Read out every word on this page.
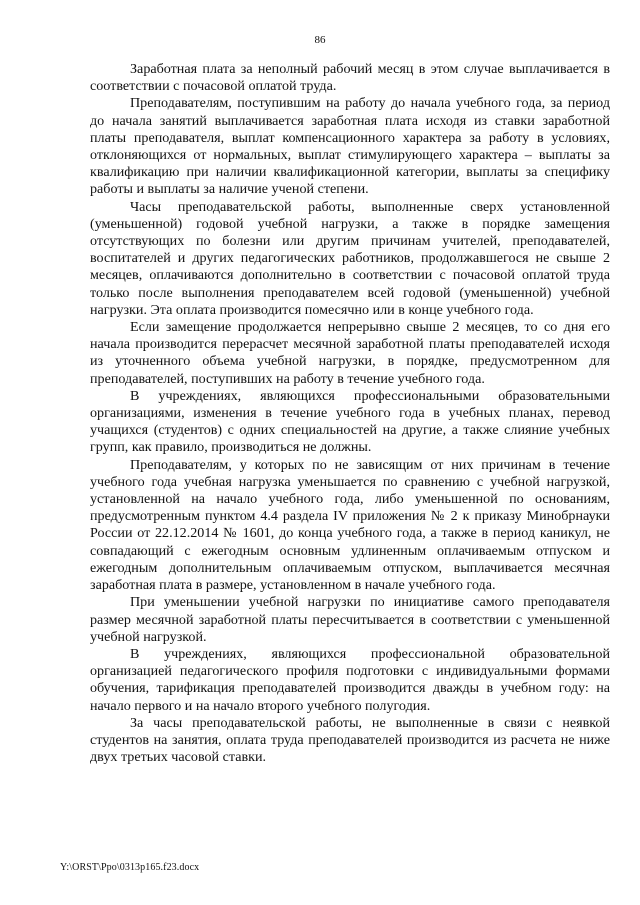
86

Заработная плата за неполный рабочий месяц в этом случае выплачивается в соответствии с почасовой оплатой труда.

Преподавателям, поступившим на работу до начала учебного года, за период до начала занятий выплачивается заработная плата исходя из ставки заработной платы преподавателя, выплат компенсационного характера за работу в условиях, отклоняющихся от нормальных, выплат стимулирующего характера – выплаты за квалификацию при наличии квалификационной категории, выплаты за специфику работы и выплаты за наличие ученой степени.

Часы преподавательской работы, выполненные сверх установленной (уменьшенной) годовой учебной нагрузки, а также в порядке замещения отсутствующих по болезни или другим причинам учителей, преподавателей, воспитателей и других педагогических работников, продолжавшегося не свыше 2 месяцев, оплачиваются дополнительно в соответствии с почасовой оплатой труда только после выполнения преподавателем всей годовой (уменьшенной) учебной нагрузки. Эта оплата производится помесячно или в конце учебного года.

Если замещение продолжается непрерывно свыше 2 месяцев, то со дня его начала производится перерасчет месячной заработной платы преподавателей исходя из уточненного объема учебной нагрузки, в порядке, предусмотренном для преподавателей, поступивших на работу в течение учебного года.

В учреждениях, являющихся профессиональными образовательными организациями, изменения в течение учебного года в учебных планах, перевод учащихся (студентов) с одних специальностей на другие, а также слияние учебных групп, как правило, производиться не должны.

Преподавателям, у которых по не зависящим от них причинам в течение учебного года учебная нагрузка уменьшается по сравнению с учебной нагрузкой, установленной на начало учебного года, либо уменьшенной по основаниям, предусмотренным пунктом 4.4 раздела IV приложения № 2 к приказу Минобрнауки России от 22.12.2014 № 1601, до конца учебного года, а также в период каникул, не совпадающий с ежегодным основным удлиненным оплачиваемым отпуском и ежегодным дополнительным оплачиваемым отпуском, выплачивается месячная заработная плата в размере, установленном в начале учебного года.

При уменьшении учебной нагрузки по инициативе самого преподавателя размер месячной заработной платы пересчитывается в соответствии с уменьшенной учебной нагрузкой.

В учреждениях, являющихся профессиональной образовательной организацией педагогического профиля подготовки с индивидуальными формами обучения, тарификация преподавателей производится дважды в учебном году: на начало первого и на начало второго учебного полугодия.

За часы преподавательской работы, не выполненные в связи с неявкой студентов на занятия, оплата труда преподавателей производится из расчета не ниже двух третьих часовой ставки.

Y:\ORST\Ppo\0313p165.f23.docx
